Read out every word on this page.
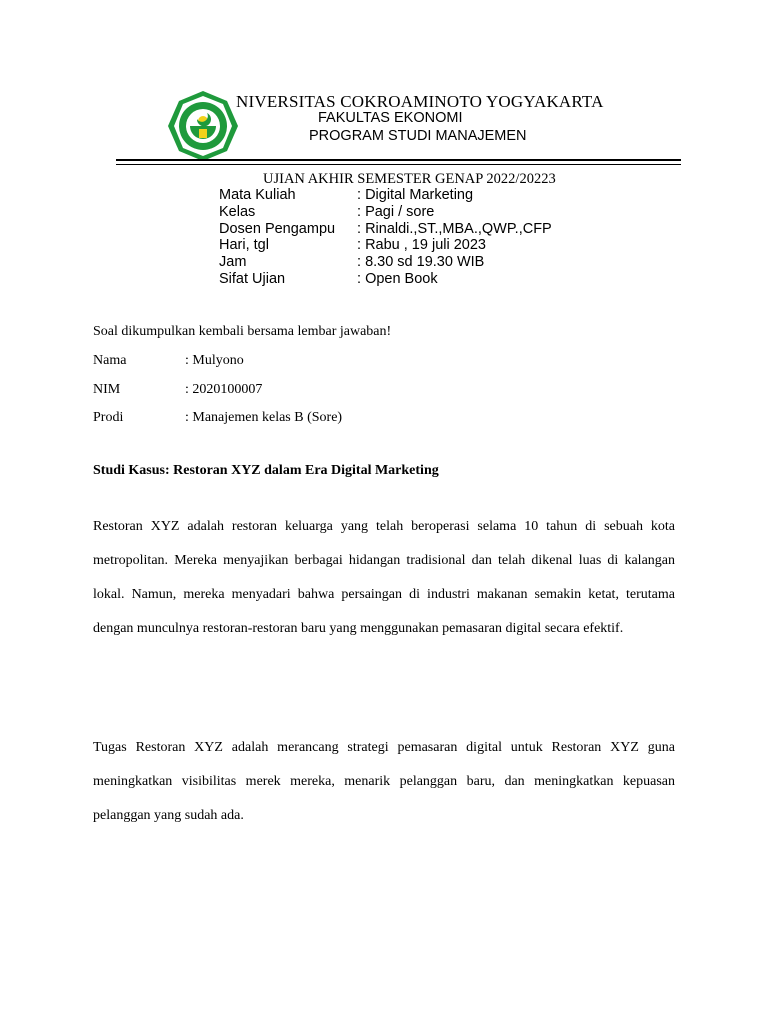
NIVERSITAS COKROAMINOTO YOGYAKARTA
FAKULTAS EKONOMI
PROGRAM STUDI MANAJEMEN
UJIAN AKHIR SEMESTER GENAP 2022/20223
Mata Kuliah	: Digital Marketing
Kelas	: Pagi / sore
Dosen Pengampu	: Rinaldi.,ST.,MBA.,QWP.,CFP
Hari, tgl	: Rabu , 19 juli 2023
Jam	: 8.30 sd 19.30 WIB
Sifat Ujian	: Open Book
Soal dikumpulkan kembali bersama lembar jawaban!
Nama	: Mulyono
NIM	: 2020100007
Prodi	: Manajemen kelas B (Sore)
Studi Kasus: Restoran XYZ dalam Era Digital Marketing

Restoran XYZ adalah restoran keluarga yang telah beroperasi selama 10 tahun di sebuah kota metropolitan. Mereka menyajikan berbagai hidangan tradisional dan telah dikenal luas di kalangan lokal. Namun, mereka menyadari bahwa persaingan di industri makanan semakin ketat, terutama dengan munculnya restoran-restoran baru yang menggunakan pemasaran digital secara efektif.

Tugas Restoran XYZ adalah merancang strategi pemasaran digital untuk Restoran XYZ guna meningkatkan visibilitas merek mereka, menarik pelanggan baru, dan meningkatkan kepuasan pelanggan yang sudah ada.
